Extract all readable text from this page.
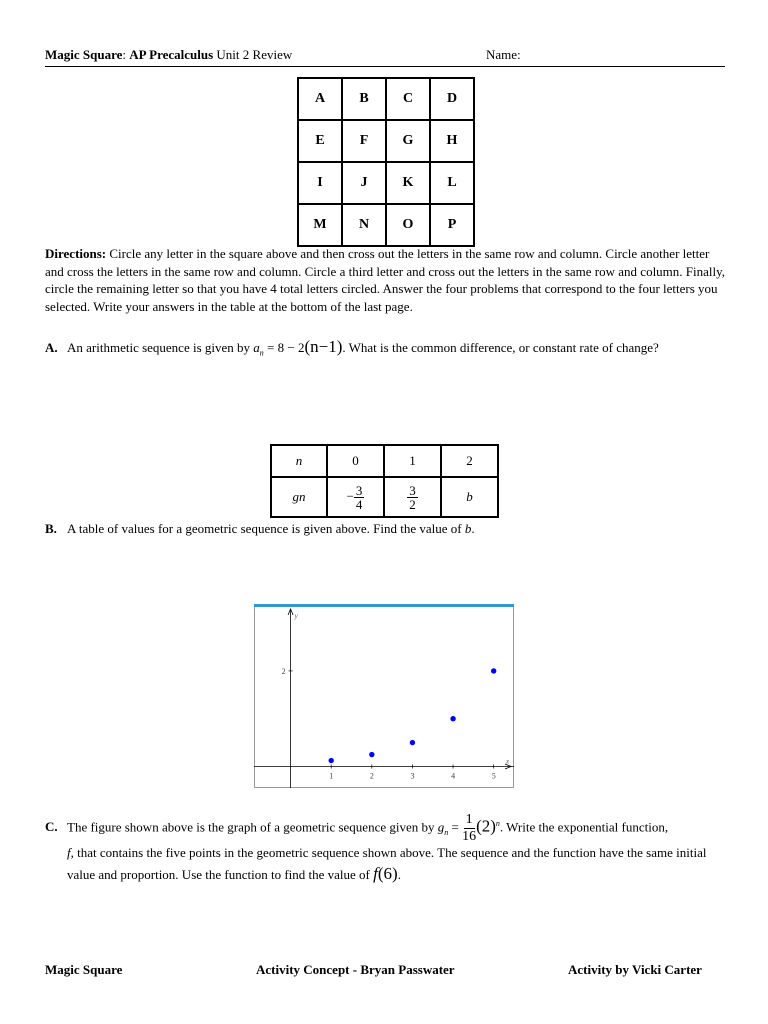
Magic Square: AP Precalculus Unit 2 Review	Name:
A	B	C	D
E	F	G	H
I	J	K	L
M	N	O	P
Directions: Circle any letter in the square above and then cross out the letters in the same row and column. Circle another letter and cross the letters in the same row and column. Circle a third letter and cross out the letters in the same row and column. Finally, circle the remaining letter so that you have 4 total letters circled. Answer the four problems that correspond to the four letters you selected. Write your answers in the table at the bottom of the last page.
A. An arithmetic sequence is given by $a_n = 8 - 2(n-1)$. What is the common difference, or constant rate of change?
n	0	1	2
gn	− $\frac{3}{4}$	$\frac{3}{2}$	b
B. A table of values for a geometric sequence is given above. Find the value of b.
y
x
1	2	3	4	5
2
C. The figure shown above is the graph of a geometric sequence given by $g_n = \frac{1}{16} (2)^n$. Write the exponential function,
f, that contains the five points in the geometric sequence shown above. The sequence and the function have the same initial value and proportion. Use the function to find the value of f(6).
Magic Square	Activity Concept - Bryan Passwater	Activity by Vicki Carter
